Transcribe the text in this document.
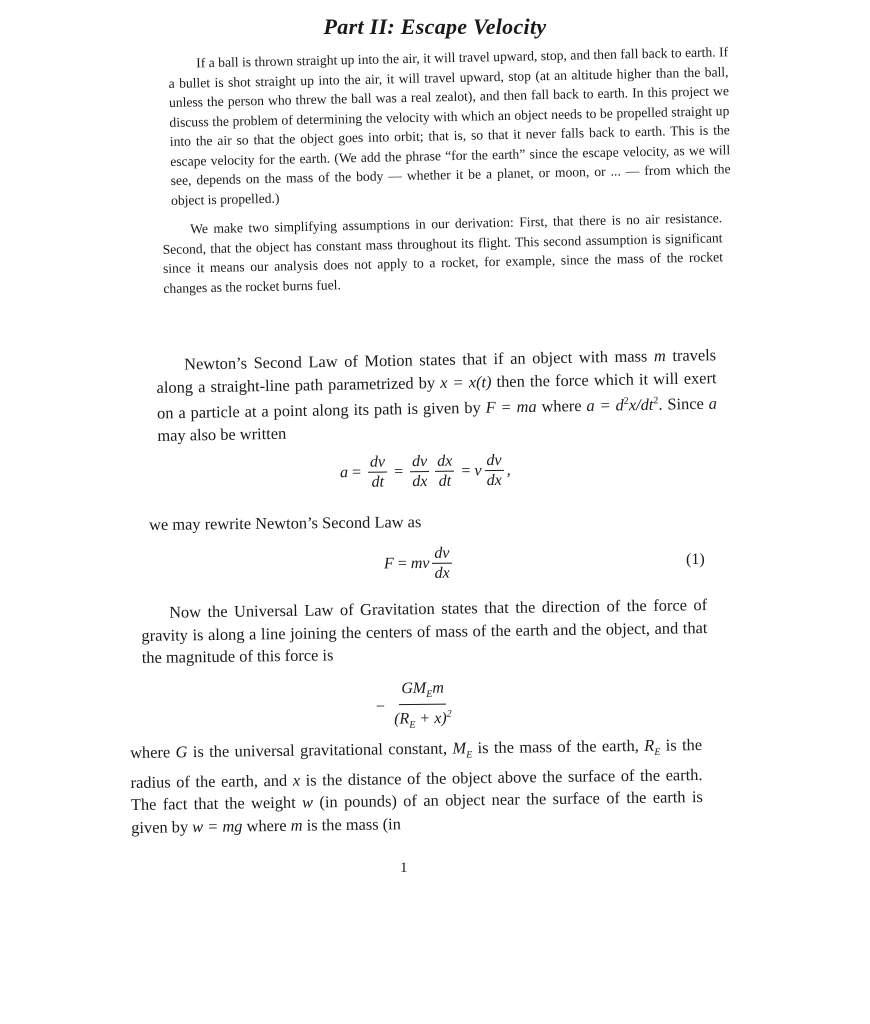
Part II: Escape Velocity

If a ball is thrown straight up into the air, it will travel upward, stop, and then fall back to earth. If a bullet is shot straight up into the air, it will travel upward, stop (at an altitude higher than the ball, unless the person who threw the ball was a real zealot), and then fall back to earth. In this project we discuss the problem of determining the velocity with which an object needs to be propelled straight up into the air so that the object goes into orbit; that is, so that it never falls back to earth. This is the escape velocity for the earth. (We add the phrase “for the earth” since the escape velocity, as we will see, depends on the mass of the body — whether it be a planet, or moon, or ... — from which the object is propelled.)

We make two simplifying assumptions in our derivation: First, that there is no air resistance. Second, that the object has constant mass throughout its flight. This second assumption is significant since it means our analysis does not apply to a rocket, for example, since the mass of the rocket changes as the rocket burns fuel.

Newton’s Second Law of Motion states that if an object with mass m travels along a straight-line path parametrized by x = x(t) then the force which it will exert on a particle at a point along its path is given by F = ma where $a = d^2x/dt^2$. Since a may also be written

$a = \frac{dv}{dt} = \frac{dv}{dx} \frac{dx}{dt} = v \frac{dv}{dx}$ ,

we may rewrite Newton’s Second Law as

F = mv $\frac{dv}{dx}$	(1)

Now the Universal Law of Gravitation states that the direction of the force of gravity is along a line joining the centers of mass of the earth and the object, and that the magnitude of this force is

− $\frac{GM_Em}{(R_E + x)^2}$

where G is the universal gravitational constant, $M_E$ is the mass of the earth, $R_E$ is the radius of the earth, and x is the distance of the object above the surface of the earth. The fact that the weight w (in pounds) of an object near the surface of the earth is given by w = mg where m is the mass (in

1
